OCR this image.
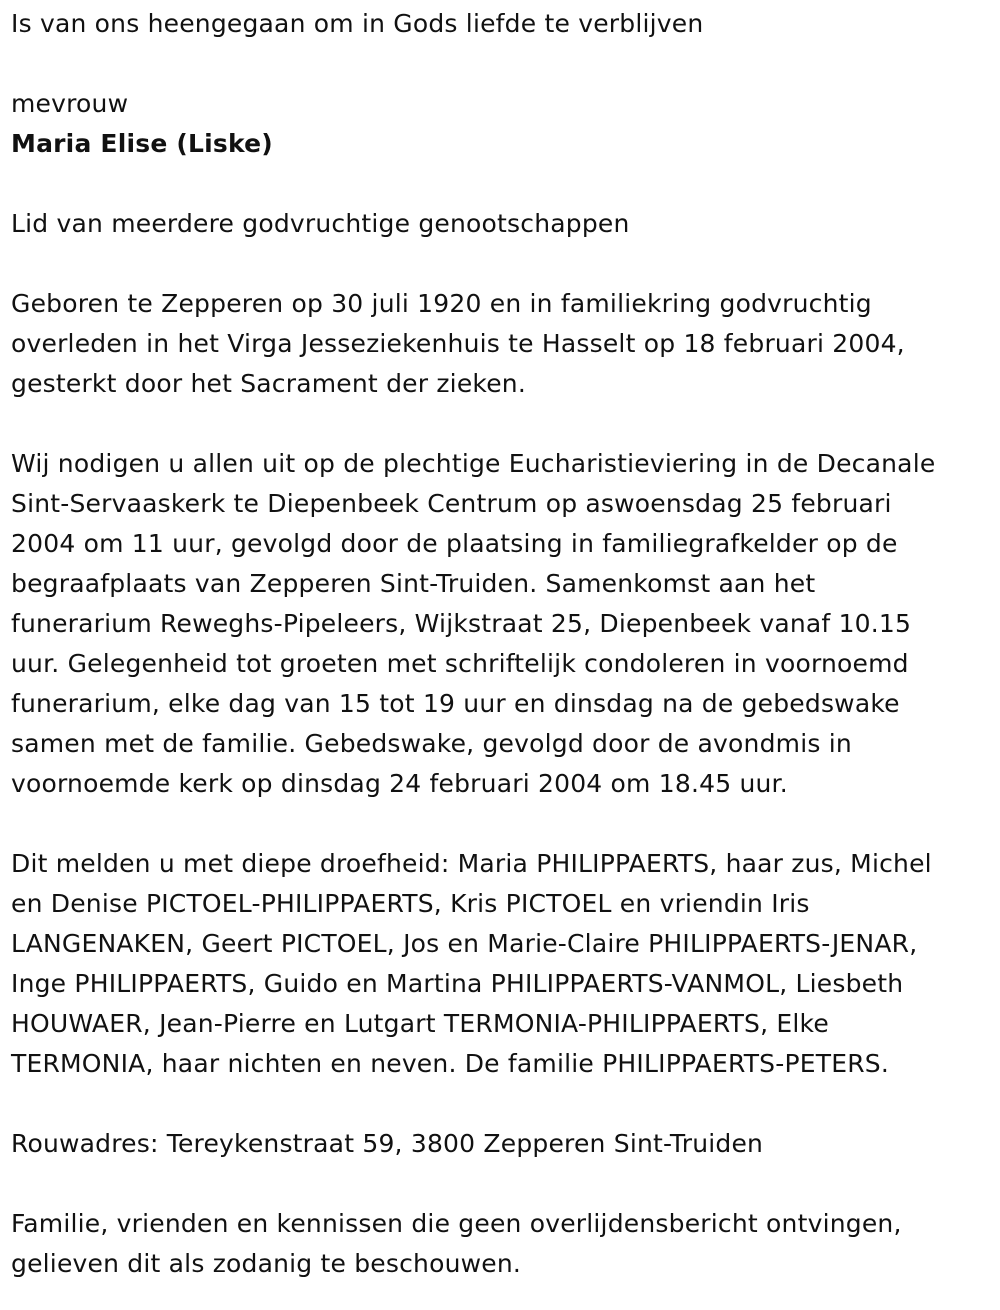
Is van ons heengegaan om in Gods liefde te verblijven
mevrouw
Maria Elise (Liske)
Lid van meerdere godvruchtige genootschappen
Geboren te Zepperen op 30 juli 1920 en in familiekring godvruchtig
overleden in het Virga Jesseziekenhuis te Hasselt op 18 februari 2004,
gesterkt door het Sacrament der zieken.
Wij nodigen u allen uit op de plechtige Eucharistieviering in de Decanale
Sint-Servaaskerk te Diepenbeek Centrum op aswoensdag 25 februari
2004 om 11 uur, gevolgd door de plaatsing in familiegrafkelder op de
begraafplaats van Zepperen Sint-Truiden. Samenkomst aan het
funerarium Reweghs-Pipeleers, Wijkstraat 25, Diepenbeek vanaf 10.15
uur. Gelegenheid tot groeten met schriftelijk condoleren in voornoemd
funerarium, elke dag van 15 tot 19 uur en dinsdag na de gebedswake
samen met de familie. Gebedswake, gevolgd door de avondmis in
voornoemde kerk op dinsdag 24 februari 2004 om 18.45 uur.
Dit melden u met diepe droefheid: Maria PHILIPPAERTS, haar zus, Michel
en Denise PICTOEL-PHILIPPAERTS, Kris PICTOEL en vriendin Iris
LANGENAKEN, Geert PICTOEL, Jos en Marie-Claire PHILIPPAERTS-JENAR,
Inge PHILIPPAERTS, Guido en Martina PHILIPPAERTS-VANMOL, Liesbeth
HOUWAER, Jean-Pierre en Lutgart TERMONIA-PHILIPPAERTS, Elke
TERMONIA, haar nichten en neven. De familie PHILIPPAERTS-PETERS.
Rouwadres: Tereykenstraat 59, 3800 Zepperen Sint-Truiden
Familie, vrienden en kennissen die geen overlijdensbericht ontvingen,
gelieven dit als zodanig te beschouwen.
